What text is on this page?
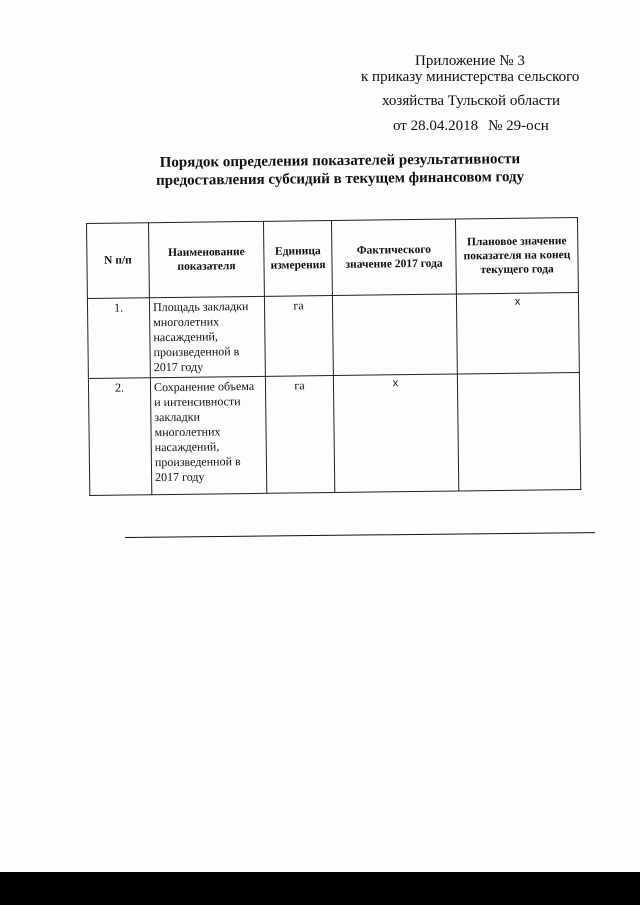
Приложение № 3
к приказу министерства сельского
хозяйства Тульской области
от 28.04.2018 № 29-осн
Порядок определения показателей результативности
предоставления субсидий в текущем финансовом году
N п/п	Наименование показателя	Единица измерения	Фактического значение 2017 года	Плановое значение показателя на конец текущего года
1.	Площадь закладки многолетних насаждений, произведенной в 2017 году	га		х
2.	Сохранение объема и интенсивности закладки многолетних насаждений, произведенной в 2017 году	га	х	
